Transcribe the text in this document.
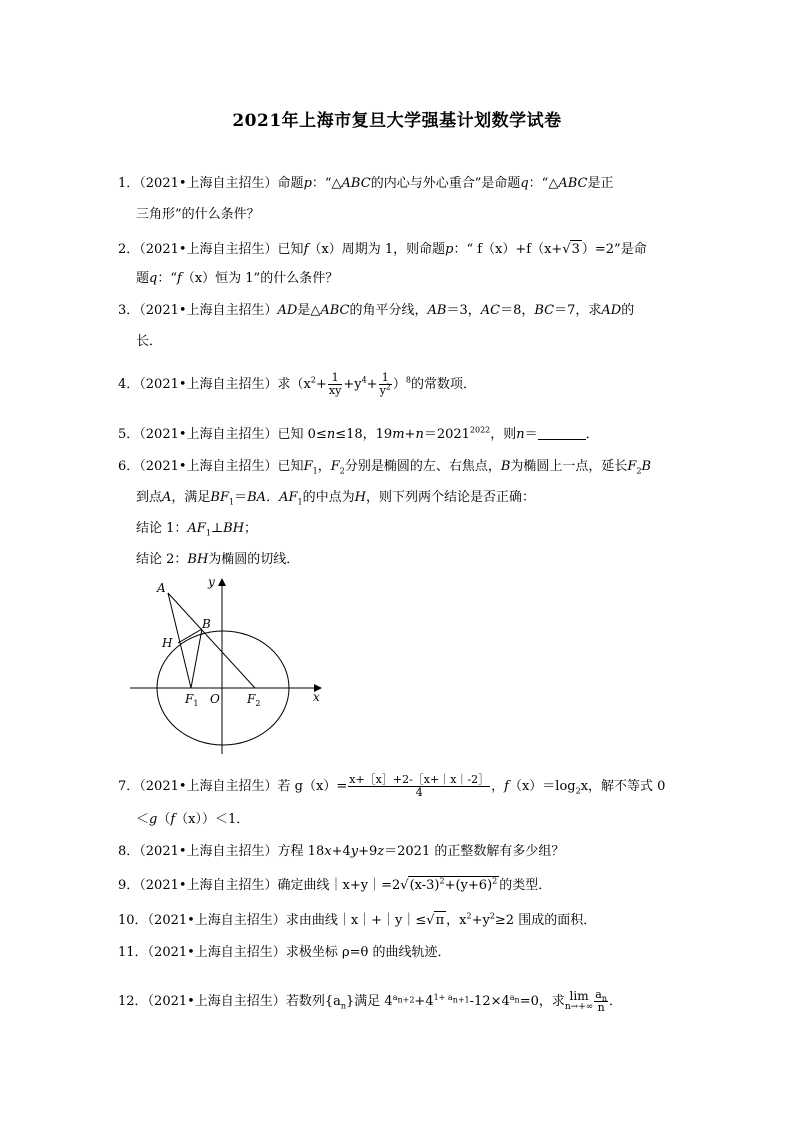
2021年上海市复旦大学强基计划数学试卷
1．（2021•上海自主招生）命题p：“△ABC的内心与外心重合”是命题q：“△ABC是正
三角形”的什么条件？
2．（2021•上海自主招生）已知f（x）周期为 1，则命题p：“ f（x）+f（x+√3 ）=2”是命
题q：“f（x）恒为 1”的什么条件？
3．（2021•上海自主招生）AD是△ABC的角平分线，AB＝3，AC＝8，BC＝7，求AD的
长．
4．（2021•上海自主招生）求$(x^2+ \frac{1}{xy} +y^4+ \frac{1}{y^2} )^8$的常数项．
5．（2021•上海自主招生）已知 0≤n≤18，$19m+n=2021^{2022}$，则n＝	．
6．（2021•上海自主招生）已知$F_1$，$F_2$分别是椭圆的左、右焦点，B为椭圆上一点，延长$F_2B$
到点A，满足$BF_1=BA$．$AF_1$的中点为H，则下列两个结论是否正确：
结论 1：$AF_1\perp BH$；
结论 2：BH为椭圆的切线．
A
B
H
O
$F_1$	$F_2$	x
y
7．（2021•上海自主招生）若 $g(x)= \frac{x+[x]+2-[x+|x|-2]}{4}$ ，$f(x)=\log_2x$，解不等式 0
＜g（f（x））＜1．
8．（2021•上海自主招生）方程 18x+4y+9z＝2021 的正整数解有多少组？
9．（2021•上海自主招生）确定曲线$|x+y|=2√(x-3)^2+(y+6)^2$ 的类型．
10．（2021•上海自主招生）求由曲线｜x｜+｜y｜≤√π ，$x^2+y^2\ge 2$ 围成的面积．
11．（2021•上海自主招生）求极坐标 ρ=θ 的曲线轨迹．
12．（2021•上海自主招生）若数列$\{a_n\}$满足 $4^{a_{n+2}}+4^{1+ a_{n+1}}-12\times 4^{a_n}=0$，求 lim
$n\to+\infty \frac{a_n}{n}$ ．
